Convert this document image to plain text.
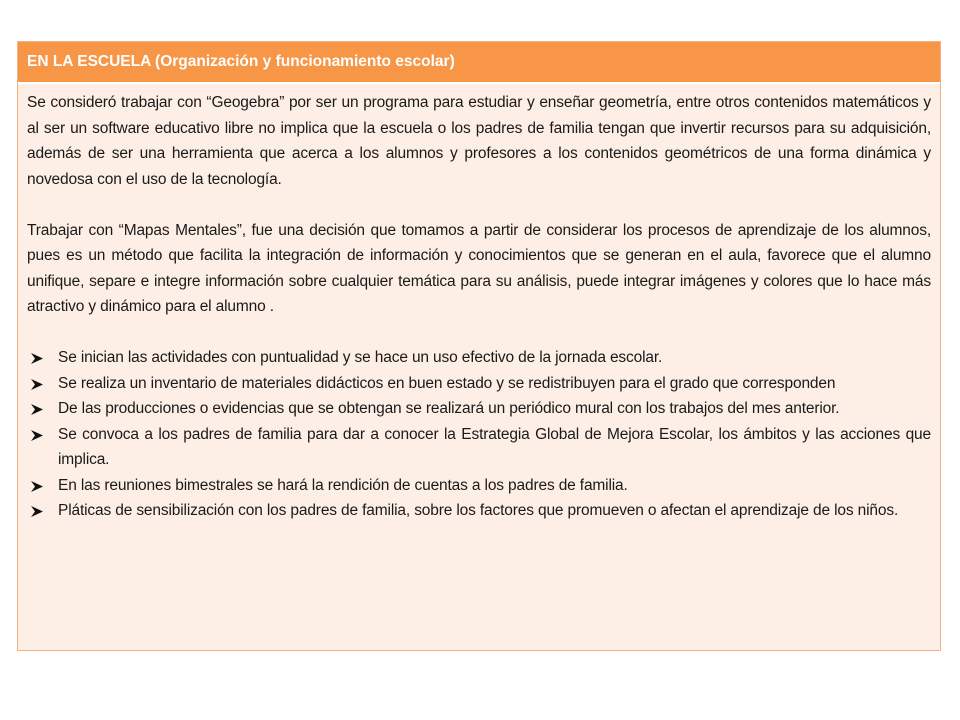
EN LA ESCUELA (Organización y funcionamiento escolar)

Se consideró trabajar con “Geogebra” por ser un programa para estudiar y enseñar geometría, entre otros contenidos matemáticos y al ser un software educativo libre no implica que la escuela o los padres de familia tengan que invertir recursos para su adquisición, además de ser una herramienta que acerca a los alumnos y profesores a los contenidos geométricos de una forma dinámica y novedosa con el uso de la tecnología.

Trabajar con “Mapas Mentales”, fue una decisión que tomamos a partir de considerar los procesos de aprendizaje de los alumnos, pues es un método que facilita la integración de información y conocimientos que se generan en el aula, favorece que el alumno unifique, separe e integre información sobre cualquier temática para su análisis, puede integrar imágenes y colores que lo hace más atractivo y dinámico para el alumno .

Se inician las actividades con puntualidad y se hace un uso efectivo de la jornada escolar.
Se realiza un inventario de materiales didácticos en buen estado y se redistribuyen para el grado que corresponden
De las producciones o evidencias que se obtengan se realizará un periódico mural con los trabajos del mes anterior.
Se convoca a los padres de familia para dar a conocer la Estrategia Global de Mejora Escolar, los ámbitos y las acciones que implica.
En las reuniones bimestrales se hará la rendición de cuentas a los padres de familia.
Pláticas de sensibilización con los padres de familia, sobre los factores que promueven o afectan el aprendizaje de los niños.
